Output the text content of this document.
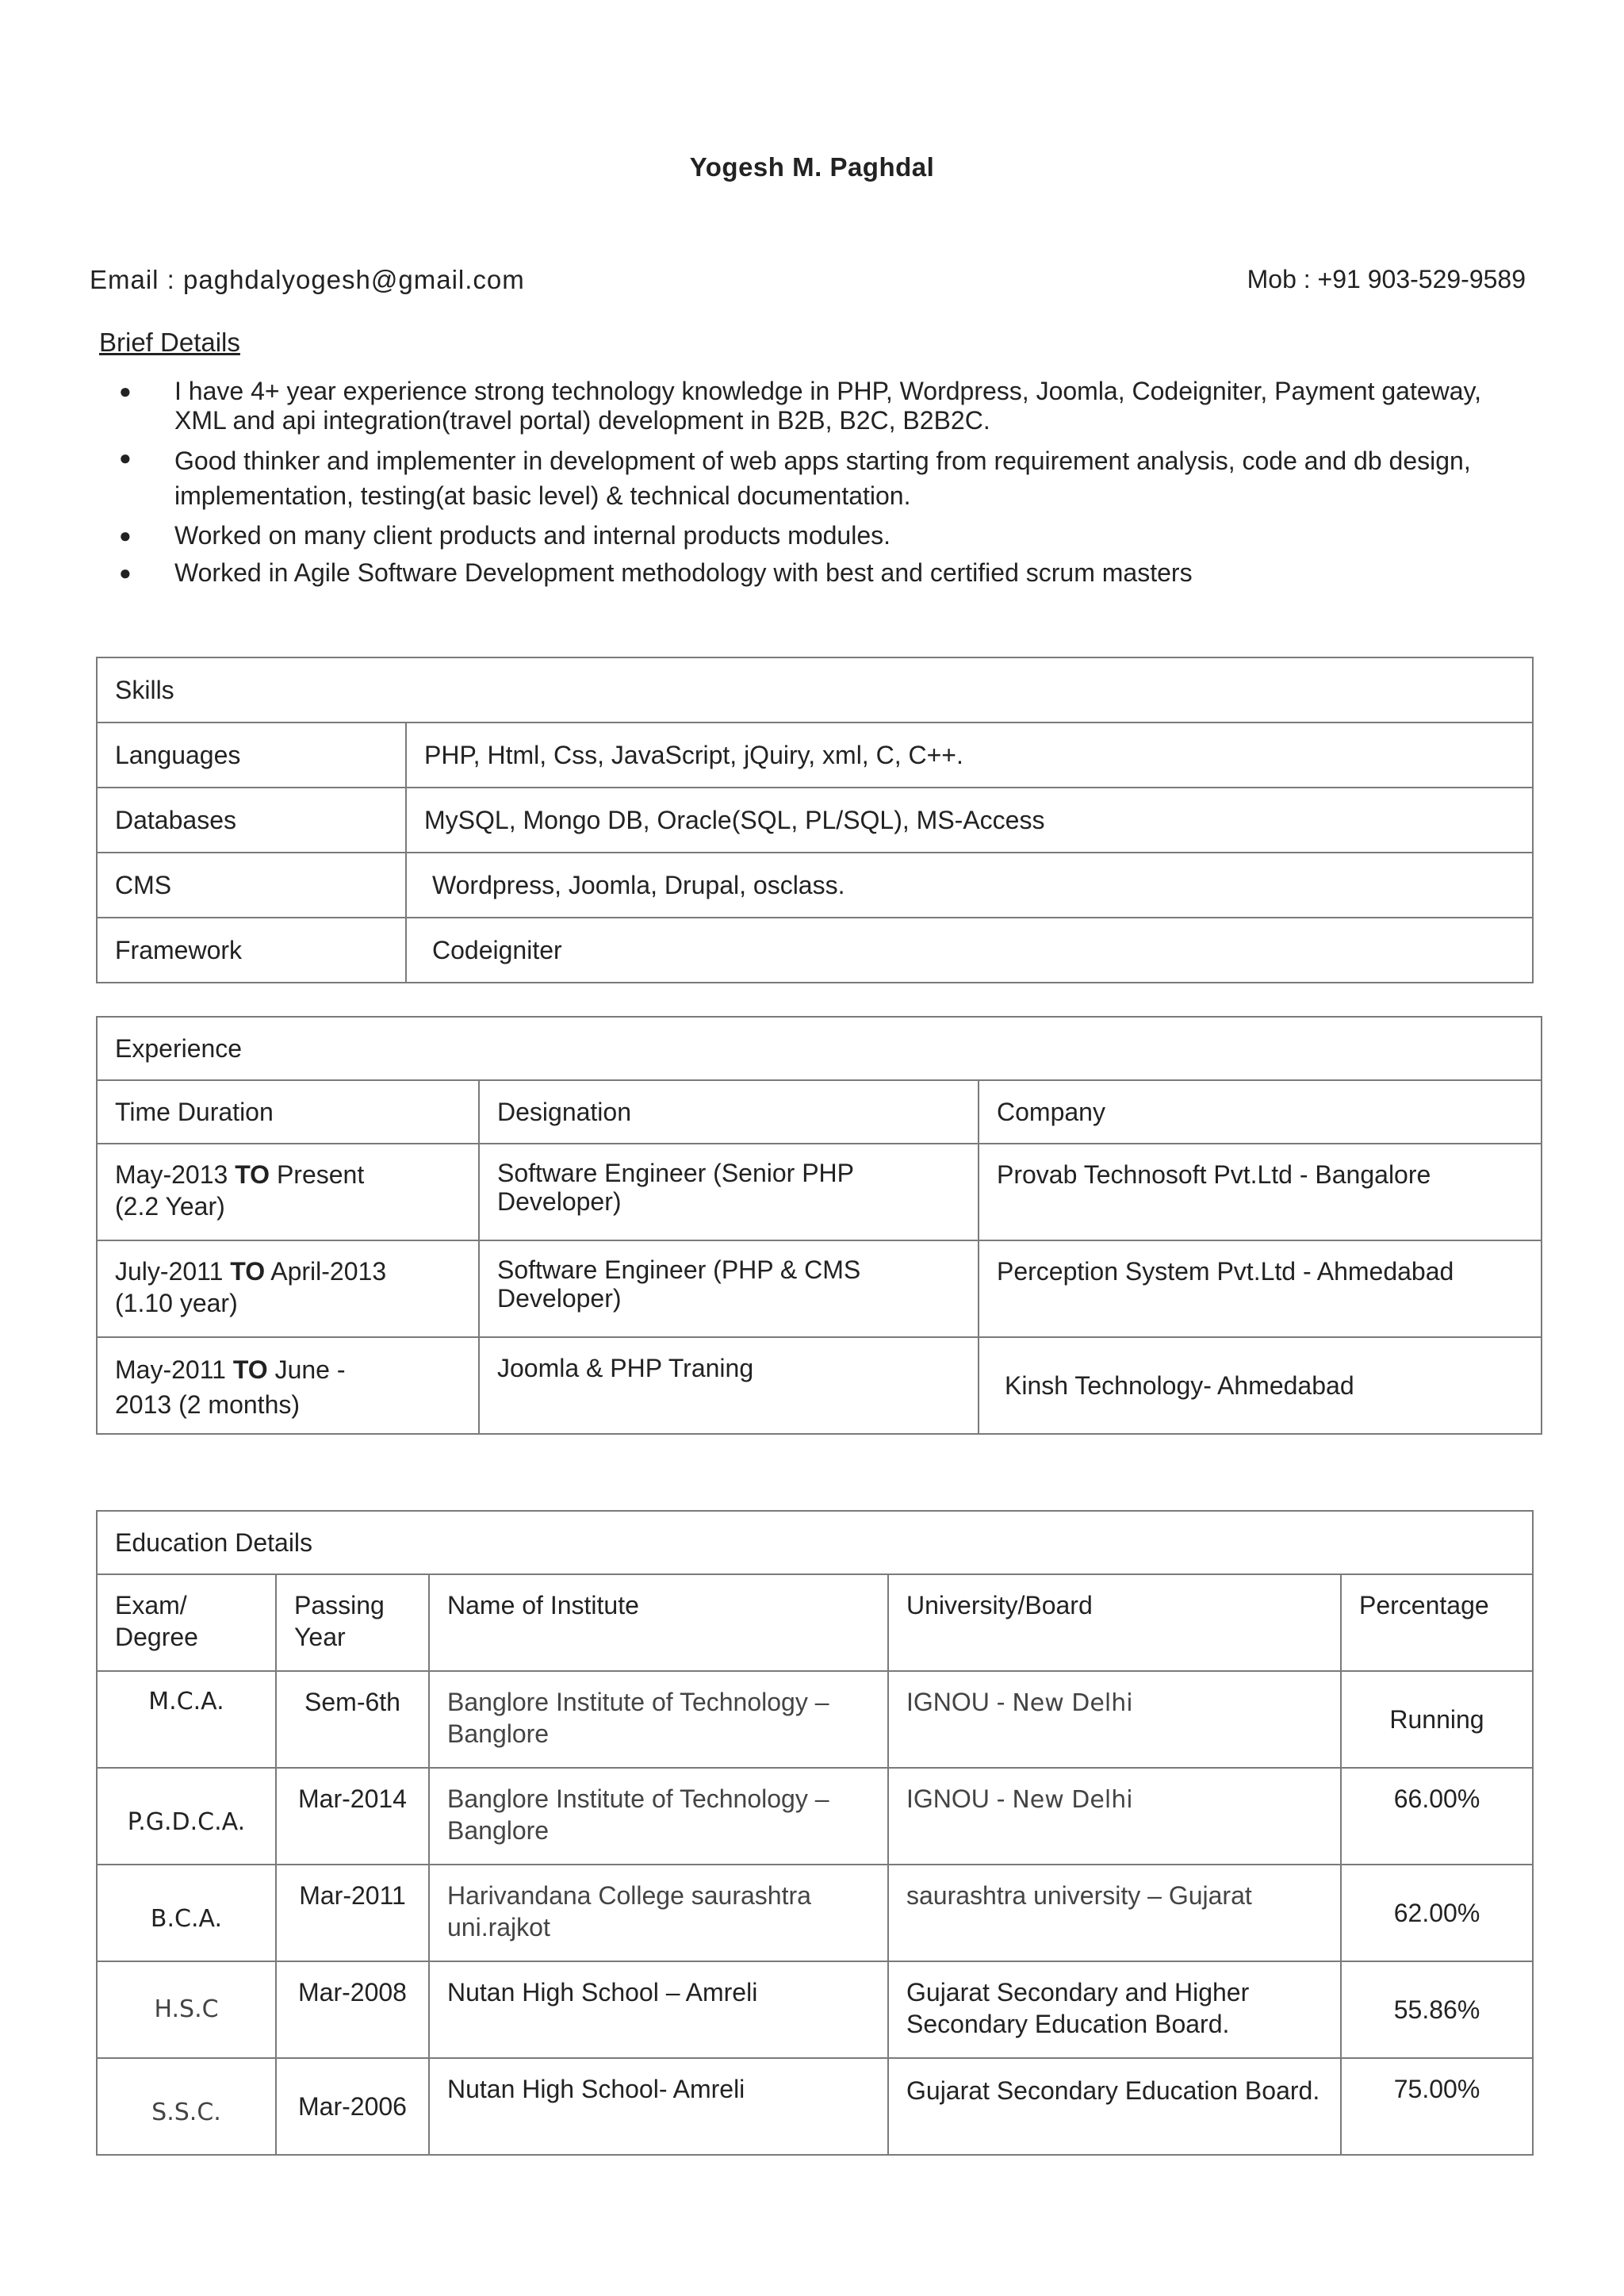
Yogesh M. Paghdal
Email : paghdalyogesh@gmail.com	Mob : +91 903-529-9589
Brief Details
● I have 4+ year experience strong technology knowledge in PHP, Wordpress, Joomla, Codeigniter, Payment gateway, XML and api integration(travel portal) development in B2B, B2C, B2B2C.
● Good thinker and implementer in development of web apps starting from requirement analysis, code and db design, implementation, testing(at basic level) & technical documentation.
● Worked on many client products and internal products modules.
● Worked in Agile Software Development methodology with best and certified scrum masters
Skills	
Languages	PHP, Html, Css, JavaScript, jQuiry, xml, C, C++.
Databases	MySQL, Mongo DB, Oracle(SQL, PL/SQL), MS-Access
CMS	Wordpress, Joomla, Drupal, osclass.
Framework	Codeigniter
Experience		
Time Duration	Designation	Company
May-2013 TO Present
(2.2 Year)	Software Engineer (Senior PHP Developer)	Provab Technosoft Pvt.Ltd - Bangalore
July-2011 TO April-2013
(1.10 year)	Software Engineer (PHP & CMS Developer)	Perception System Pvt.Ltd - Ahmedabad
May-2011 TO June -
2013 (2 months)	Joomla & PHP Traning	Kinsh Technology- Ahmedabad
Education Details				
Exam/ Degree	Passing Year	Name of Institute	University/Board	Percentage
M.C.A.	Sem-6th	Banglore Institute of Technology – Banglore	IGNOU - New Delhi	Running
P.G.D.C.A.	Mar-2014	Banglore Institute of Technology –Banglore	IGNOU - New Delhi	66.00%
B.C.A.	Mar-2011	Harivandana College saurashtra uni.rajkot	saurashtra university – Gujarat	62.00%
H.S.C	Mar-2008	Nutan High School – Amreli	Gujarat Secondary and Higher Secondary Education Board.	55.86%
S.S.C.	Mar-2006	Nutan High School- Amreli	Gujarat Secondary Education Board.	75.00%
